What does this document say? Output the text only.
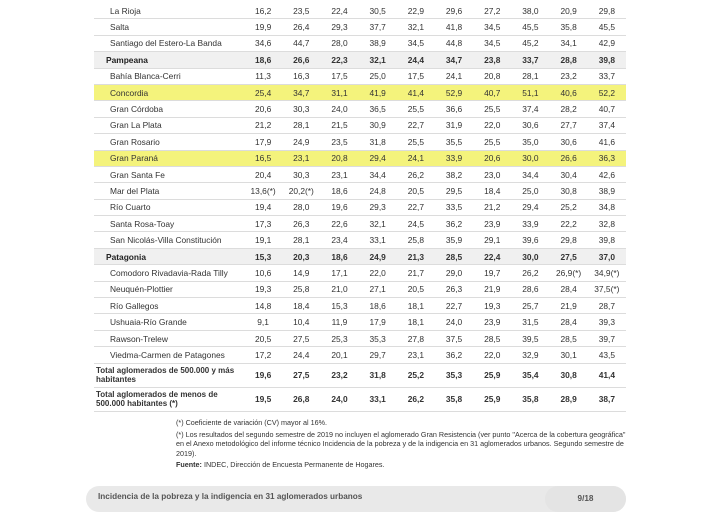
La Rioja	16,2	23,5	22,4	30,5	22,9	29,6	27,2	38,0	20,9	29,8
Salta	19,9	26,4	29,3	37,7	32,1	41,8	34,5	45,5	35,8	45,5
Santiago del Estero-La Banda	34,6	44,7	28,0	38,9	34,5	44,8	34,5	45,2	34,1	42,9
Pampeana	18,6	26,6	22,3	32,1	24,4	34,7	23,8	33,7	28,8	39,8
Bahía Blanca-Cerri	11,3	16,3	17,5	25,0	17,5	24,1	20,8	28,1	23,2	33,7
Concordia	25,4	34,7	31,1	41,9	41,4	52,9	40,7	51,1	40,6	52,2
Gran Córdoba	20,6	30,3	24,0	36,5	25,5	36,6	25,5	37,4	28,2	40,7
Gran La Plata	21,2	28,1	21,5	30,9	22,7	31,9	22,0	30,6	27,7	37,4
Gran Rosario	17,9	24,9	23,5	31,8	25,5	35,5	25,5	35,0	30,6	41,6
Gran Paraná	16,5	23,1	20,8	29,4	24,1	33,9	20,6	30,0	26,6	36,3
Gran Santa Fe	20,4	30,3	23,1	34,4	26,2	38,2	23,0	34,4	30,4	42,6
Mar del Plata	13,6(*)	20,2(*)	18,6	24,8	20,5	29,5	18,4	25,0	30,8	38,9
Río Cuarto	19,4	28,0	19,6	29,3	22,7	33,5	21,2	29,4	25,2	34,8
Santa Rosa-Toay	17,3	26,3	22,6	32,1	24,5	36,2	23,9	33,9	22,2	32,8
San Nicolás-Villa Constitución	19,1	28,1	23,4	33,1	25,8	35,9	29,1	39,6	29,8	39,8
Patagonia	15,3	20,3	18,6	24,9	21,3	28,5	22,4	30,0	27,5	37,0
Comodoro Rivadavia-Rada Tilly	10,6	14,9	17,1	22,0	21,7	29,0	19,7	26,2	26,9(*)	34,9(*)
Neuquén-Plottier	19,3	25,8	21,0	27,1	20,5	26,3	21,9	28,6	28,4	37,5(*)
Río Gallegos	14,8	18,4	15,3	18,6	18,1	22,7	19,3	25,7	21,9	28,7
Ushuaia-Río Grande	9,1	10,4	11,9	17,9	18,1	24,0	23,9	31,5	28,4	39,3
Rawson-Trelew	20,5	27,5	25,3	35,3	27,8	37,5	28,5	39,5	28,5	39,7
Viedma-Carmen de Patagones	17,2	24,4	20,1	29,7	23,1	36,2	22,0	32,9	30,1	43,5
Total aglomerados de 500.000 y más habitantes	19,6	27,5	23,2	31,8	25,2	35,3	25,9	35,4	30,8	41,4
Total aglomerados de menos de 500.000 habitantes (*)	19,5	26,8	24,0	33,1	26,2	35,8	25,9	35,8	28,9	38,7

(*) Coeficiente de variación (CV) mayor al 16%.

(*) Los resultados del segundo semestre de 2019 no incluyen el aglomerado Gran Resistencia (ver punto "Acerca de la cobertura geográfica" en el Anexo metodológico del informe técnico Incidencia de la pobreza y de la indigencia en 31 aglomerados urbanos. Segundo semestre de 2019).

Fuente: INDEC, Dirección de Encuesta Permanente de Hogares.

Incidencia de la pobreza y la indigencia en 31 aglomerados urbanos	9/18
